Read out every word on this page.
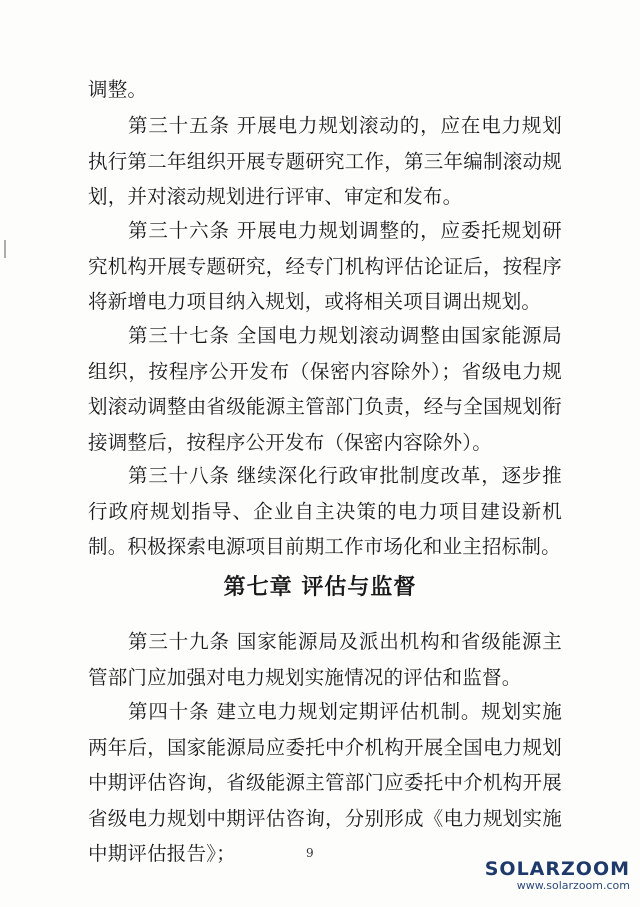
调整。

第三十五条 开展电力规划滚动的，应在电力规划执行第二年组织开展专题研究工作，第三年编制滚动规划，并对滚动规划进行评审、审定和发布。

第三十六条 开展电力规划调整的，应委托规划研究机构开展专题研究，经专门机构评估论证后，按程序将新增电力项目纳入规划，或将相关项目调出规划。

第三十七条 全国电力规划滚动调整由国家能源局组织，按程序公开发布（保密内容除外）；省级电力规划滚动调整由省级能源主管部门负责，经与全国规划衔接调整后，按程序公开发布（保密内容除外）。

第三十八条 继续深化行政审批制度改革，逐步推行政府规划指导、企业自主决策的电力项目建设新机制。积极探索电源项目前期工作市场化和业主招标制。

第七章 评估与监督

第三十九条 国家能源局及派出机构和省级能源主管部门应加强对电力规划实施情况的评估和监督。

第四十条 建立电力规划定期评估机制。规划实施两年后，国家能源局应委托中介机构开展全国电力规划中期评估咨询，省级能源主管部门应委托中介机构开展省级电力规划中期评估咨询，分别形成《电力规划实施中期评估报告》；	9
SOLARZOOM
www.solarzoom.com
